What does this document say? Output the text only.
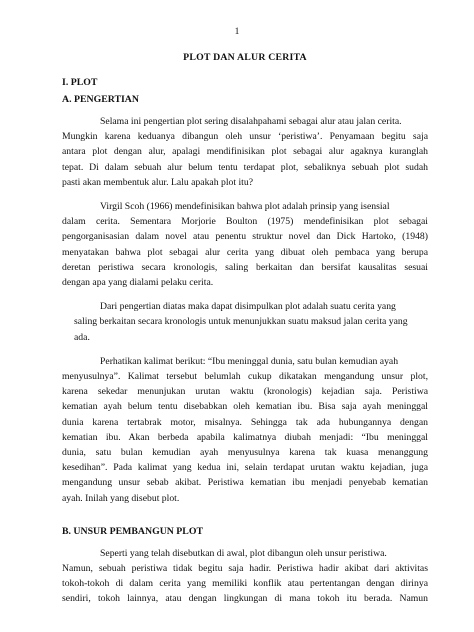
1
PLOT DAN ALUR CERITA
I. PLOT
A. PENGERTIAN
Selama ini pengertian plot sering disalahpahami sebagai alur atau jalan cerita.
Mungkin karena keduanya dibangun oleh unsur ‘peristiwa’. Penyamaan begitu saja
antara plot dengan alur, apalagi mendifinisikan plot sebagai alur agaknya kuranglah
tepat. Di dalam sebuah alur belum tentu terdapat plot, sebaliknya sebuah plot sudah
pasti akan membentuk alur. Lalu apakah plot itu?
Virgil Scoh (1966) mendefinisikan bahwa plot adalah prinsip yang isensial
dalam cerita. Sementara Morjorie Boulton (1975) mendefinisikan plot sebagai
pengorganisasian dalam novel atau penentu struktur novel dan Dick Hartoko, (1948)
menyatakan bahwa plot sebagai alur cerita yang dibuat oleh pembaca yang berupa
deretan peristiwa secara kronologis, saling berkaitan dan bersifat kausalitas sesuai
dengan apa yang dialami pelaku cerita.
Dari pengertian diatas maka dapat disimpulkan plot adalah suatu cerita yang
saling berkaitan secara kronologis untuk menunjukkan suatu maksud jalan cerita yang
ada.
Perhatikan kalimat berikut: “Ibu meninggal dunia, satu bulan kemudian ayah
menyusulnya”. Kalimat tersebut belumlah cukup dikatakan mengandung unsur plot,
karena sekedar menunjukan urutan waktu (kronologis) kejadian saja. Peristiwa
kematian ayah belum tentu disebabkan oleh kematian ibu. Bisa saja ayah meninggal
dunia karena tertabrak motor, misalnya. Sehingga tak ada hubungannya dengan
kematian ibu. Akan berbeda apabila kalimatnya diubah menjadi: “Ibu meninggal
dunia, satu bulan kemudian ayah menyusulnya karena tak kuasa menanggung
kesedihan”. Pada kalimat yang kedua ini, selain terdapat urutan waktu kejadian, juga
mengandung unsur sebab akibat. Peristiwa kematian ibu menjadi penyebab kematian
ayah. Inilah yang disebut plot.
B. UNSUR PEMBANGUN PLOT
Seperti yang telah disebutkan di awal, plot dibangun oleh unsur peristiwa.
Namun, sebuah peristiwa tidak begitu saja hadir. Peristiwa hadir akibat dari aktivitas
tokoh-tokoh di dalam cerita yang memiliki konflik atau pertentangan dengan dirinya
sendiri, tokoh lainnya, atau dengan lingkungan di mana tokoh itu berada. Namun
